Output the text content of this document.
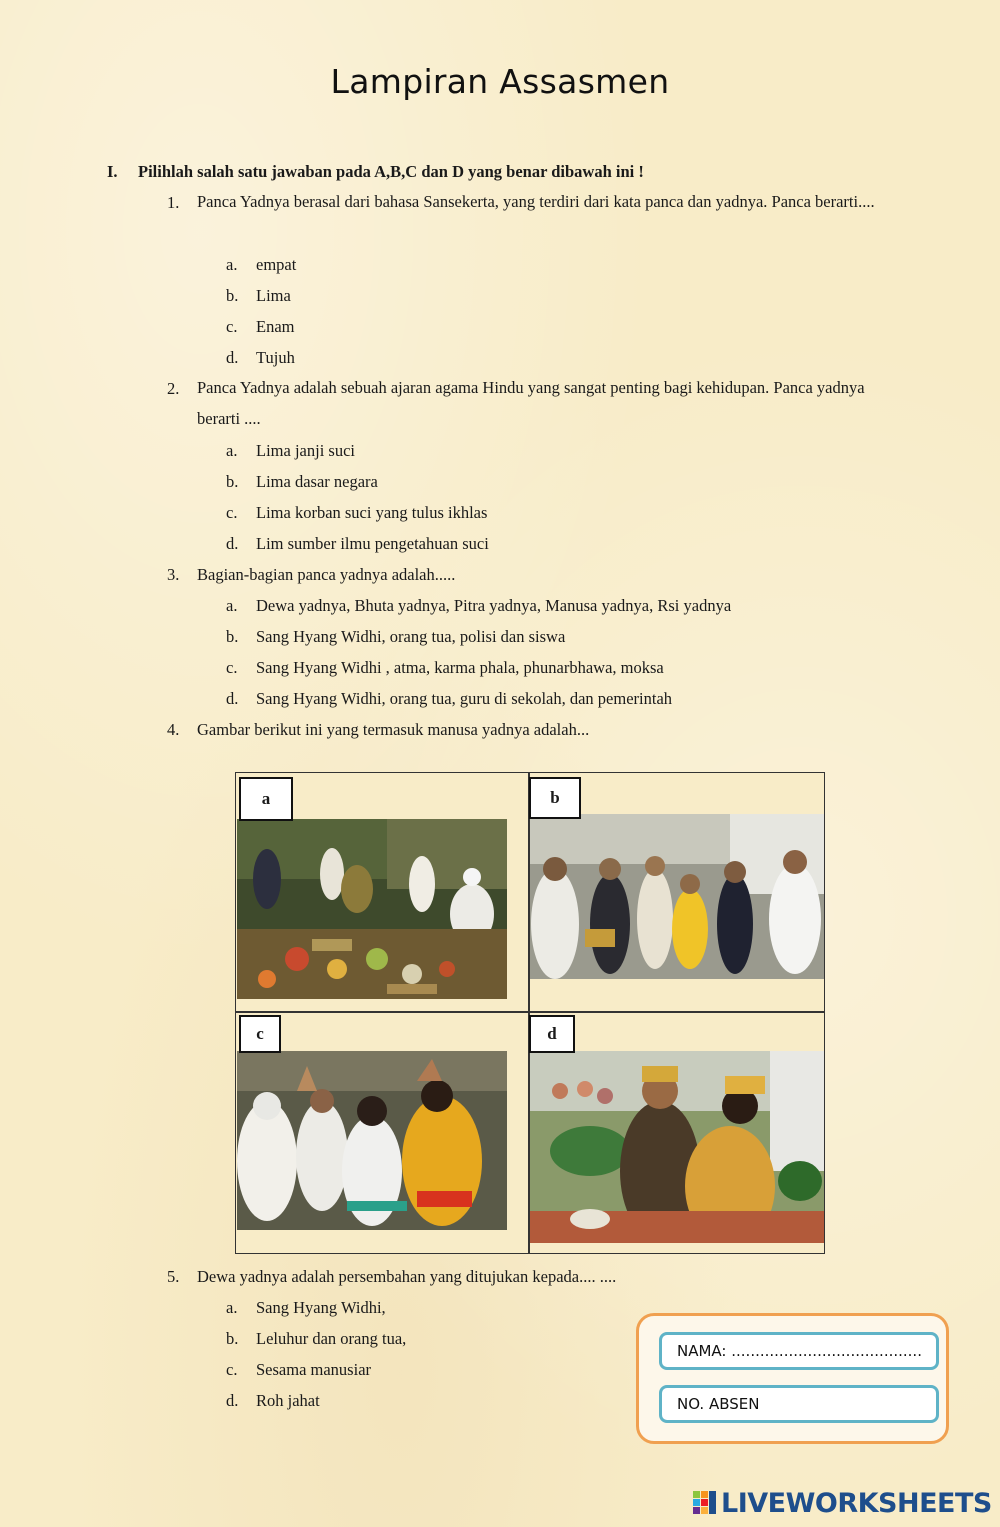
Lampiran Assasmen
I. Pilihlah salah satu jawaban pada A,B,C dan D yang benar dibawah ini !
1. Panca Yadnya berasal dari bahasa Sansekerta, yang terdiri dari kata panca dan yadnya. Panca berarti....
a. empat
b. Lima
c. Enam
d. Tujuh
2. Panca Yadnya adalah sebuah ajaran agama Hindu yang sangat penting bagi kehidupan. Panca yadnya berarti ....
a. Lima janji suci
b. Lima dasar negara
c. Lima korban suci yang tulus ikhlas
d. Lim sumber ilmu pengetahuan suci
3. Bagian-bagian panca yadnya adalah.....
a. Dewa yadnya, Bhuta yadnya, Pitra yadnya, Manusa yadnya, Rsi yadnya
b. Sang Hyang Widhi, orang tua, polisi dan siswa
c. Sang Hyang Widhi , atma, karma phala, phunarbhawa, moksa
d. Sang Hyang Widhi, orang tua, guru di sekolah, dan pemerintah
4. Gambar berikut ini yang termasuk manusa yadnya adalah...
a	b
c	d
5. Dewa yadnya adalah persembahan yang ditujukan kepada.... ....
a. Sang Hyang Widhi,
b. Leluhur dan orang tua,
c. Sesama manusiar
d. Roh jahat
NAMA: ........................................
NO. ABSEN
LIVEWORKSHEETS
